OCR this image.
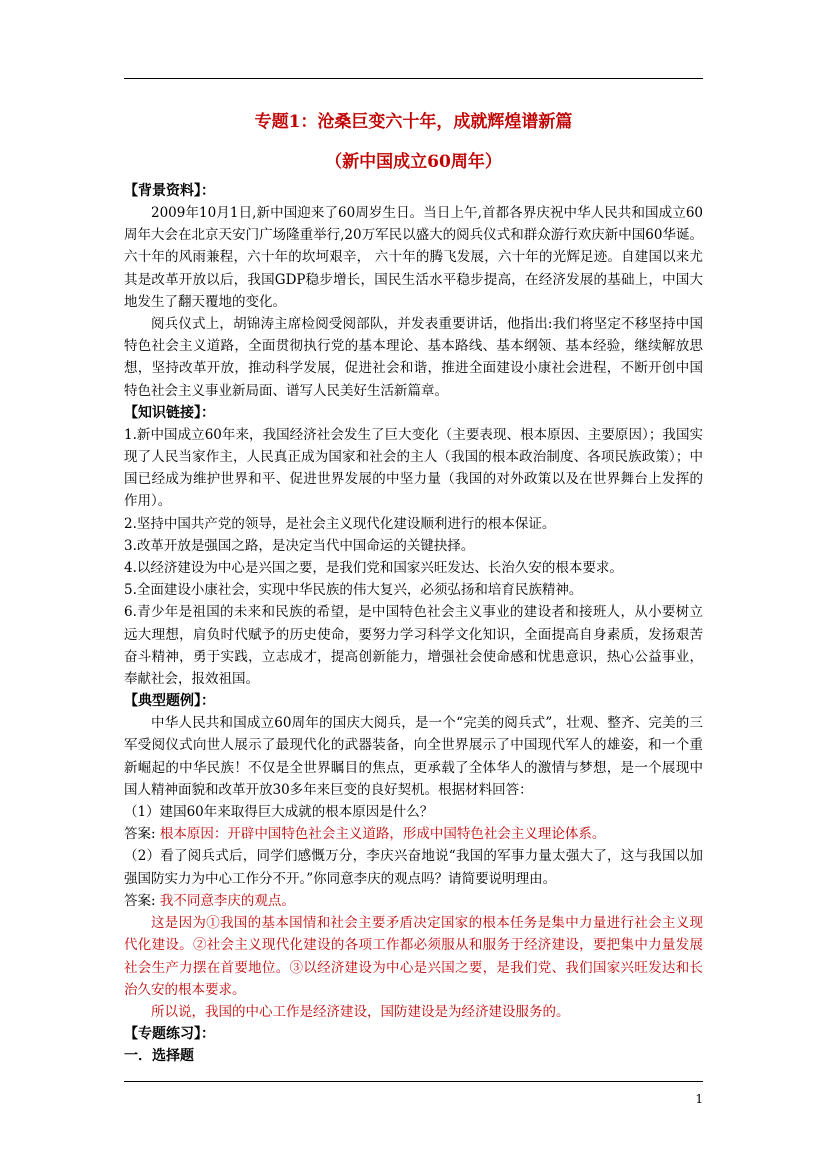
专题1：沧桑巨变六十年，成就辉煌谱新篇
（新中国成立60周年）
【背景资料】：

2009年10月1日,新中国迎来了60周岁生日。当日上午,首都各界庆祝中华人民共和国成立60周年大会在北京天安门广场隆重举行,20万军民以盛大的阅兵仪式和群众游行欢庆新中国60华诞。六十年的风雨兼程，六十年的坎坷艰辛， 六十年的腾飞发展，六十年的光辉足迹。自建国以来尤其是改革开放以后，我国GDP稳步增长，国民生活水平稳步提高，在经济发展的基础上，中国大地发生了翻天覆地的变化。

阅兵仪式上，胡锦涛主席检阅受阅部队，并发表重要讲话，他指出:我们将坚定不移坚持中国特色社会主义道路，全面贯彻执行党的基本理论、基本路线、基本纲领、基本经验，继续解放思想，坚持改革开放，推动科学发展，促进社会和谐，推进全面建设小康社会进程，不断开创中国特色社会主义事业新局面、谱写人民美好生活新篇章。

【知识链接】：

1.新中国成立60年来，我国经济社会发生了巨大变化（主要表现、根本原因、主要原因）；我国实现了人民当家作主，人民真正成为国家和社会的主人（我国的根本政治制度、各项民族政策）；中国已经成为维护世界和平、促进世界发展的中坚力量（我国的对外政策以及在世界舞台上发挥的作用）。

2.坚持中国共产党的领导，是社会主义现代化建设顺利进行的根本保证。

3.改革开放是强国之路，是决定当代中国命运的关键抉择。

4.以经济建设为中心是兴国之要，是我们党和国家兴旺发达、长治久安的根本要求。

5.全面建设小康社会，实现中华民族的伟大复兴，必须弘扬和培育民族精神。

6.青少年是祖国的未来和民族的希望，是中国特色社会主义事业的建设者和接班人，从小要树立远大理想，肩负时代赋予的历史使命，要努力学习科学文化知识，全面提高自身素质，发扬艰苦奋斗精神，勇于实践，立志成才，提高创新能力，增强社会使命感和忧患意识，热心公益事业，奉献社会，报效祖国。

【典型题例】：

中华人民共和国成立60周年的国庆大阅兵，是一个“完美的阅兵式”，壮观、整齐、完美的三军受阅仪式向世人展示了最现代化的武器装备，向全世界展示了中国现代军人的雄姿，和一个重新崛起的中华民族！不仅是全世界瞩目的焦点，更承载了全体华人的激情与梦想，是一个展现中国人精神面貌和改革开放30多年来巨变的良好契机。根据材料回答：

（1）建国60年来取得巨大成就的根本原因是什么？

答案: 根本原因：开辟中国特色社会主义道路，形成中国特色社会主义理论体系。

（2）看了阅兵式后，同学们感慨万分，李庆兴奋地说“我国的军事力量太强大了，这与我国以加强国防实力为中心工作分不开。”你同意李庆的观点吗？请简要说明理由。

答案: 我不同意李庆的观点。

这是因为①我国的基本国情和社会主要矛盾决定国家的根本任务是集中力量进行社会主义现代化建设。②社会主义现代化建设的各项工作都必须服从和服务于经济建设，要把集中力量发展社会生产力摆在首要地位。③以经济建设为中心是兴国之要，是我们党、我们国家兴旺发达和长治久安的根本要求。

所以说，我国的中心工作是经济建设，国防建设是为经济建设服务的。

【专题练习】：
一．选择题
1
